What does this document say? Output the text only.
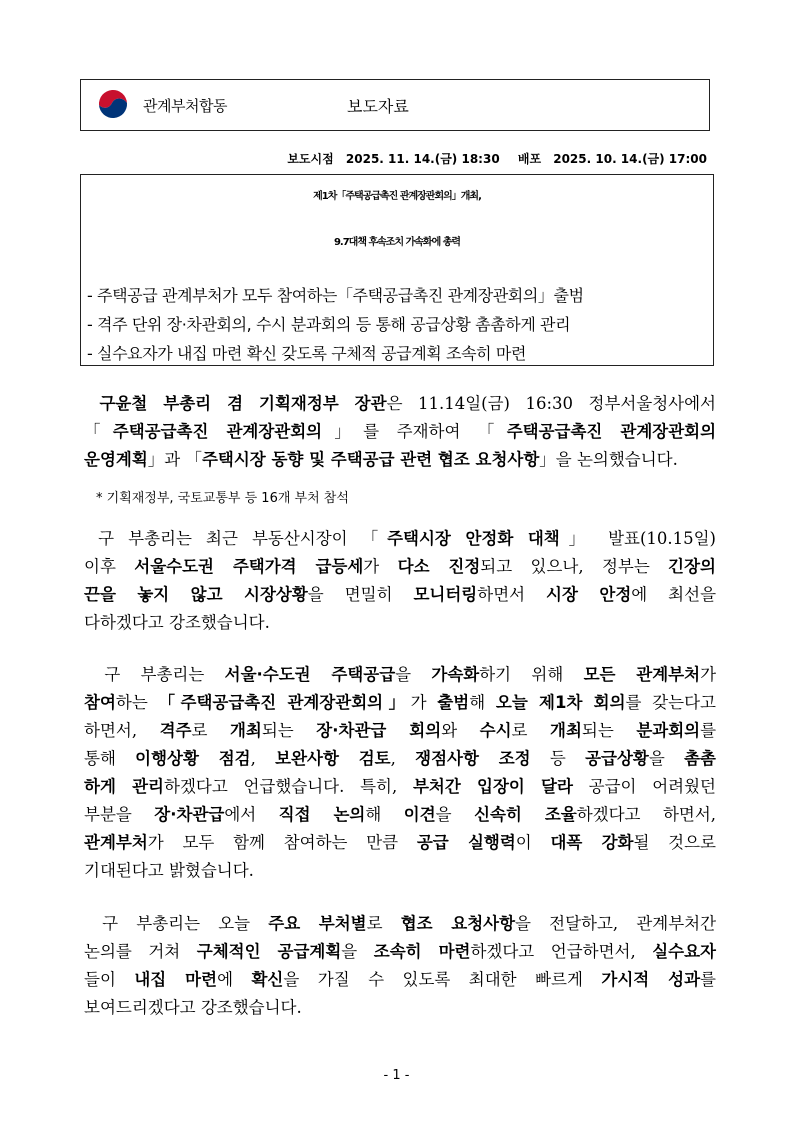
관계부처합동	보도자료
보도시점 2025. 11. 14.(금) 18:30 배포 2025. 10. 14.(금) 17:00
제1차「주택공급촉진 관계장관회의」개최,
9.7대책 후속조치 가속화에 총력
- 주택공급 관계부처가 모두 참여하는「주택공급촉진 관계장관회의」출범
- 격주 단위 장·차관회의, 수시 분과회의 등 통해 공급상황 촘촘하게 관리
- 실수요자가 내집 마련 확신 갖도록 구체적 공급계획 조속히 마련
구윤철 부총리 겸 기획재정부 장관은 11.14일(금) 16:30 정부서울청사에서
「주택공급촉진 관계장관회의」를 주재하여 「주택공급촉진 관계장관회의
운영계획」과 「주택시장 동향 및 주택공급 관련 협조 요청사항」을 논의했습니다.
* 기획재정부, 국토교통부 등 16개 부처 참석
구 부총리는 최근 부동산시장이 「주택시장 안정화 대책」 발표(10.15일)
이후 서울수도권 주택가격 급등세가 다소 진정되고 있으나, 정부는 긴장의
끈을 놓지 않고 시장상황을 면밀히 모니터링하면서 시장 안정에 최선을
다하겠다고 강조했습니다.
구 부총리는 서울·수도권 주택공급을 가속화하기 위해 모든 관계부처가
참여하는 「주택공급촉진 관계장관회의」가 출범해 오늘 제1차 회의를 갖는다고
하면서, 격주로 개최되는 장·차관급 회의와 수시로 개최되는 분과회의를
통해 이행상황 점검, 보완사항 검토, 쟁점사항 조정 등 공급상황을 촘촘
하게 관리하겠다고 언급했습니다. 특히, 부처간 입장이 달라 공급이 어려웠던
부분을 장·차관급에서 직접 논의해 이견을 신속히 조율하겠다고 하면서,
관계부처가 모두 함께 참여하는 만큼 공급 실행력이 대폭 강화될 것으로
기대된다고 밝혔습니다.
구 부총리는 오늘 주요 부처별로 협조 요청사항을 전달하고, 관계부처간
논의를 거쳐 구체적인 공급계획을 조속히 마련하겠다고 언급하면서, 실수요자
들이 내집 마련에 확신을 가질 수 있도록 최대한 빠르게 가시적 성과를
보여드리겠다고 강조했습니다.
- 1 -
